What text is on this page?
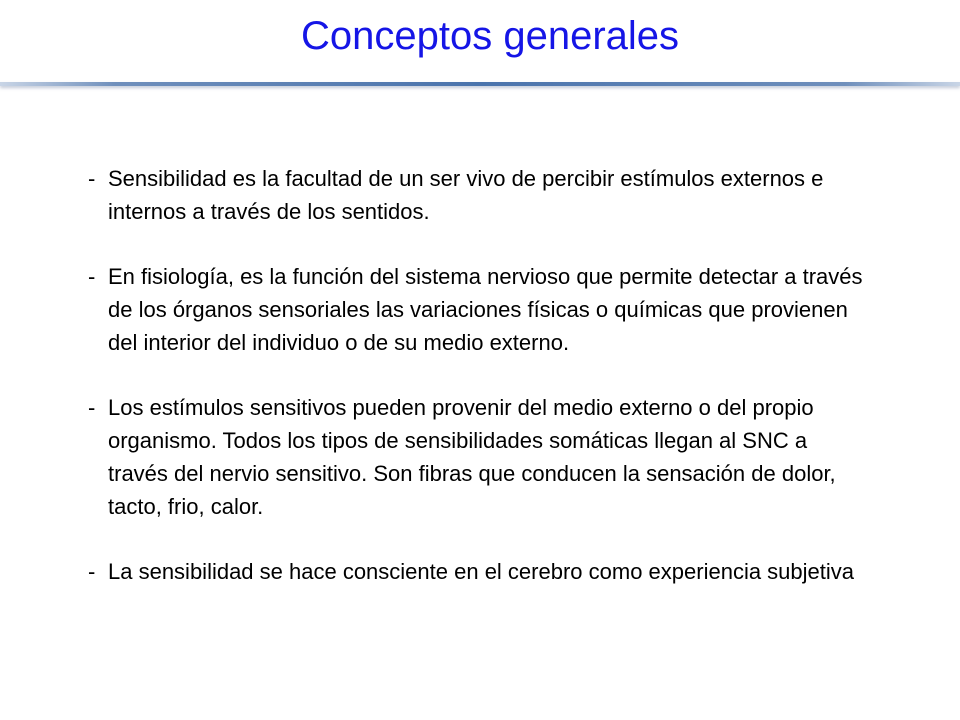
Conceptos generales
- Sensibilidad es la facultad de un ser vivo de percibir estímulos externos e internos a través de los sentidos.
- En fisiología, es la función del sistema nervioso que permite detectar a través de los órganos sensoriales las variaciones físicas o químicas que provienen del interior del individuo o de su medio externo.
- Los estímulos sensitivos pueden provenir del medio externo o del propio organismo. Todos los tipos de sensibilidades somáticas llegan al SNC a través del nervio sensitivo. Son fibras que conducen la sensación de dolor, tacto, frio, calor.
- La sensibilidad se hace consciente en el cerebro como experiencia subjetiva
